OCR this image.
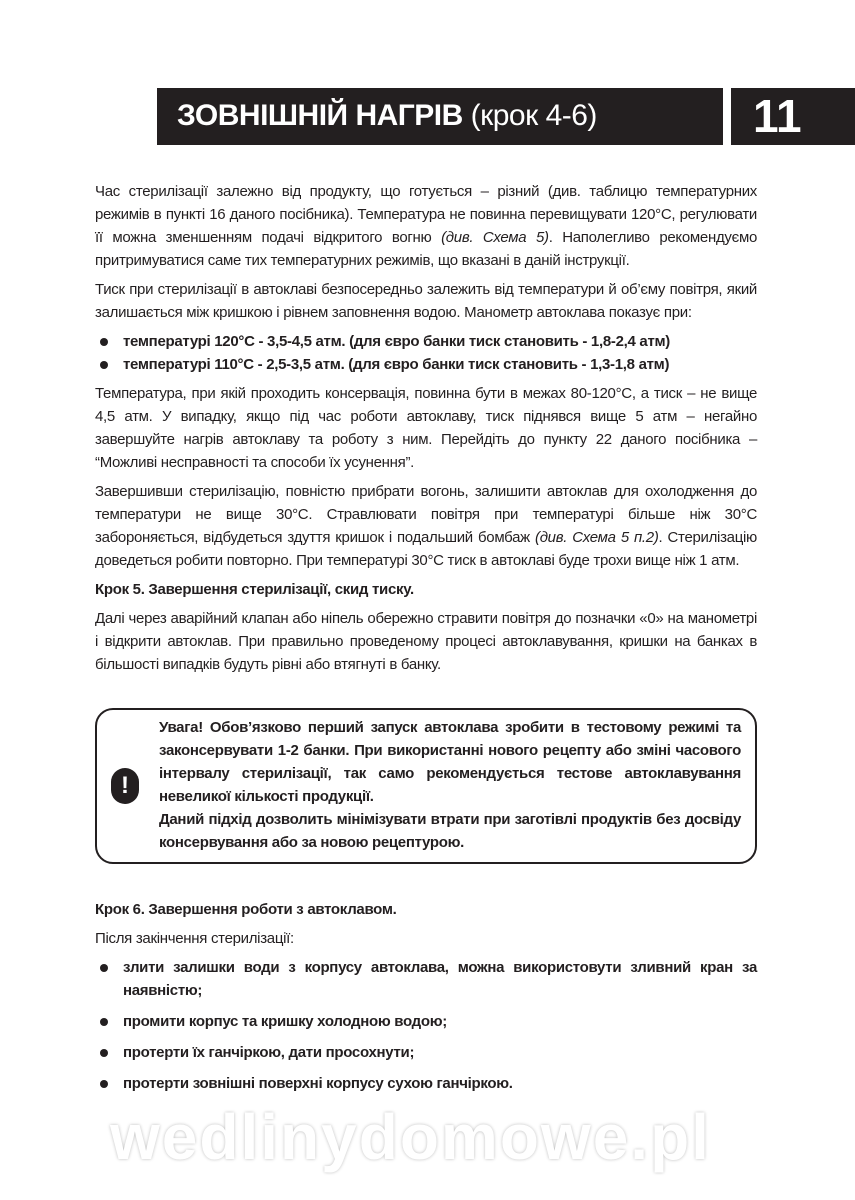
ЗОВНІШНІЙ НАГРІВ (крок 4-6)	11
Час стерилізації залежно від продукту, що готується – різний (див. таблицю температурних режимів в пункті 16 даного посібника). Температура не повинна перевищувати 120°C, регулювати її можна зменшенням подачі відкритого вогню (див. Схема 5). Наполегливо рекомендуємо притримуватися саме тих температурних режимів, що вказані в даній інструкції.
Тиск при стерилізації в автоклаві безпосередньо залежить від температури й об’єму повітря, який залишається між кришкою і рівнем заповнення водою. Манометр автоклава показує при:
температурі 120°C - 3,5-4,5 атм. (для євро банки тиск становить - 1,8-2,4 атм)
температурі 110°C - 2,5-3,5 атм. (для євро банки тиск становить - 1,3-1,8 атм)
Температура, при якій проходить консервація, повинна бути в межах 80-120°C, а тиск – не вище 4,5 атм. У випадку, якщо під час роботи автоклаву, тиск піднявся вище 5 атм – негайно завершуйте нагрів автоклаву та роботу з ним. Перейдіть до пункту 22 даного посібника – “Можливі несправності та способи їх усунення”.
Завершивши стерилізацію, повністю прибрати вогонь, залишити автоклав для охолодження до температури не вище 30°C. Стравлювати повітря при температурі більше ніж 30°C забороняється, відбудеться здуття кришок і подальший бомбаж (див. Схема 5 п.2). Стерилізацію доведеться робити повторно. При температурі 30°C тиск в автоклаві буде трохи вище ніж 1 атм.
Крок 5. Завершення стерилізації, скид тиску.
Далі через аварійний клапан або ніпель обережно стравити повітря до позначки «0» на манометрі і відкрити автоклав. При правильно проведеному процесі автоклавування, кришки на банках в більшості випадків будуть рівні або втягнуті в банку.
!
Увага! Обов’язково перший запуск автоклава зробити в тестовому режимі та законсервувати 1-2 банки. При використанні нового рецепту або зміні часового інтервалу стерилізації, так само рекомендується тестове автоклавування невеликої кількості продукції.
Даний підхід дозволить мінімізувати втрати при заготівлі продуктів без досвіду консервування або за новою рецептурою.
Крок 6. Завершення роботи з автоклавом.
Після закінчення стерилізації:
злити залишки води з корпусу автоклава, можна використовути зливний кран за наявністю;
промити корпус та кришку холодною водою;
протерти їх ганчіркою, дати просохнути;
протерти зовнішні поверхні корпусу сухою ганчіркою.
wedlinydomowe.pl
